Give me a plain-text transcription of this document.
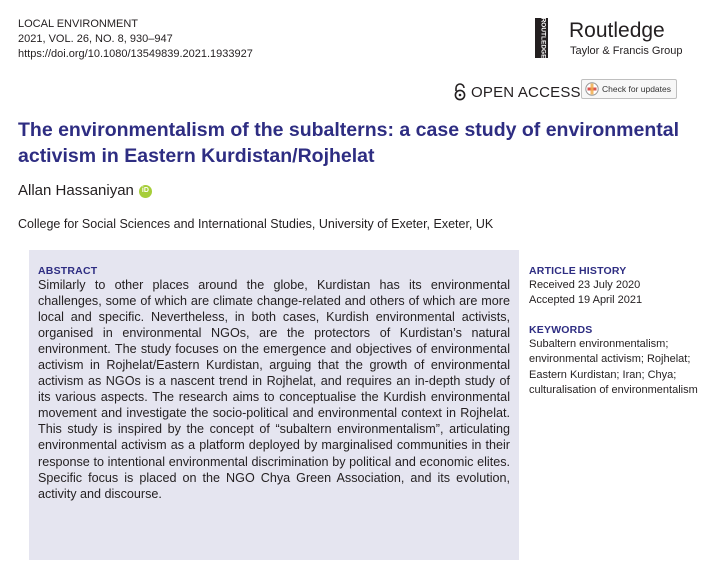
LOCAL ENVIRONMENT
2021, VOL. 26, NO. 8, 930–947
https://doi.org/10.1080/13549839.2021.1933927	ROUTLEDGE Routledge
Taylor & Francis Group
OPEN ACCESS	Check for updates
The environmentalism of the subalterns: a case study of environmental activism in Eastern Kurdistan/Rojhelat
Allan Hassaniyan	iD
College for Social Sciences and International Studies, University of Exeter, Exeter, UK
ABSTRACT
Similarly to other places around the globe, Kurdistan has its environmental challenges, some of which are climate change-related and others of which are more local and specific. Nevertheless, in both cases, Kurdish environmental activists, organised in environmental NGOs, are the protectors of Kurdistan’s natural environment. The study focuses on the emergence and objectives of environmental activism in Rojhelat/Eastern Kurdistan, arguing that the growth of environmental activism as NGOs is a nascent trend in Rojhelat, and requires an in-depth study of its various aspects. The research aims to conceptualise the Kurdish environmental movement and investigate the socio-political and environmental context in Rojhelat. This study is inspired by the concept of “subaltern environmentalism”, articulating environmental activism as a platform deployed by marginalised communities in their response to intentional environmental discrimination by political and economic elites. Specific focus is placed on the NGO Chya Green Association, and its evolution, activity and discourse.
ARTICLE HISTORY
Received 23 July 2020
Accepted 19 April 2021
KEYWORDS
Subaltern environmentalism; environmental activism; Rojhelat; Eastern Kurdistan; Iran; Chya; culturalisation of environmentalism
